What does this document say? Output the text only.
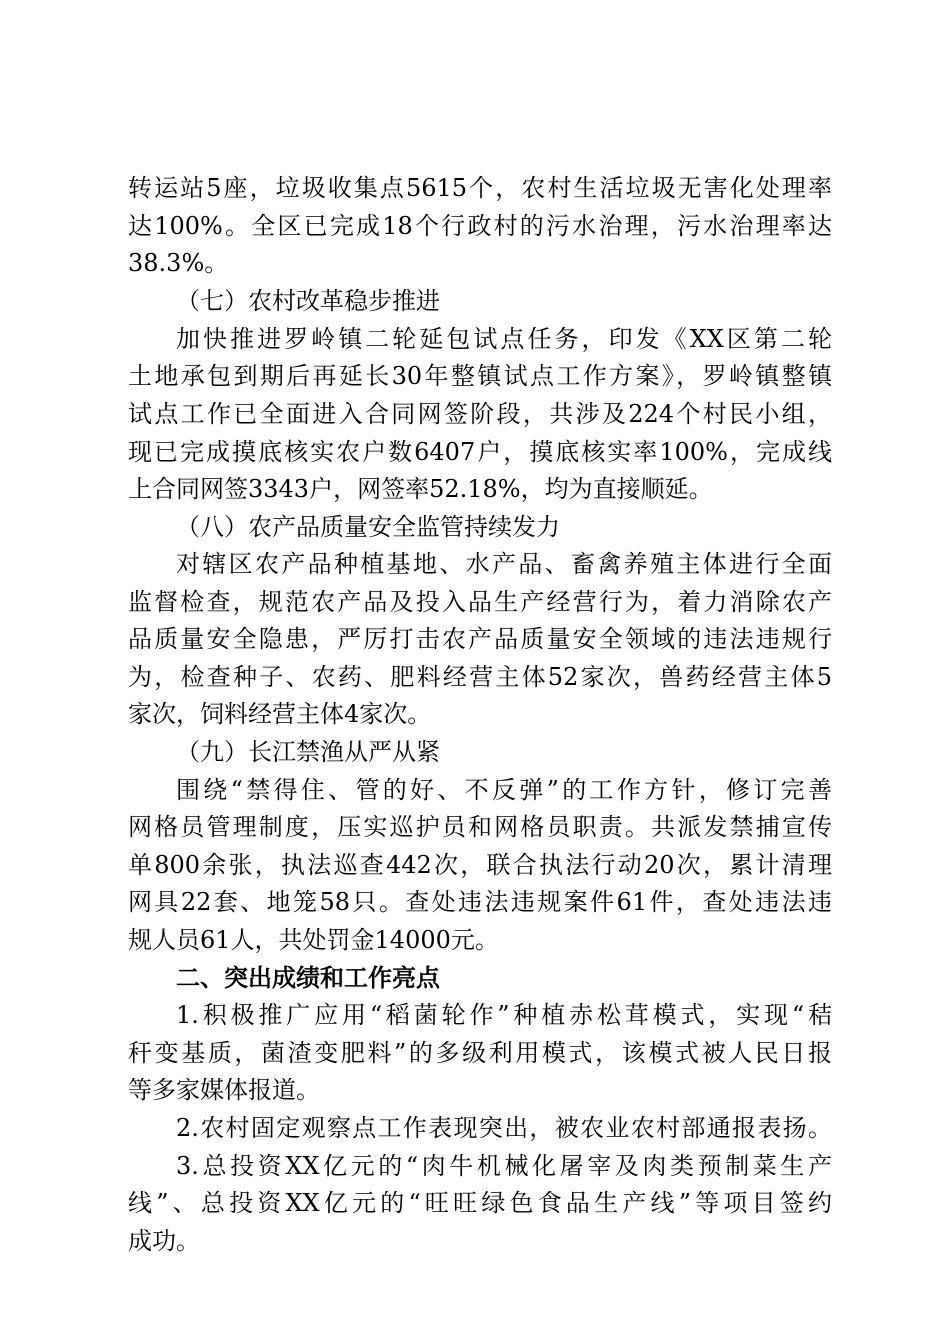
转运站5座，垃圾收集点5615个，农村生活垃圾无害化处理率
达100%。全区已完成18个行政村的污水治理，污水治理率达
38.3%。
（七）农村改革稳步推进
加快推进罗岭镇二轮延包试点任务，印发《XX区第二轮
土地承包到期后再延长30年整镇试点工作方案》，罗岭镇整镇
试点工作已全面进入合同网签阶段，共涉及224个村民小组，
现已完成摸底核实农户数6407户，摸底核实率100%，完成线
上合同网签3343户，网签率52.18%，均为直接顺延。
（八）农产品质量安全监管持续发力
对辖区农产品种植基地、水产品、畜禽养殖主体进行全面
监督检查，规范农产品及投入品生产经营行为，着力消除农产
品质量安全隐患，严厉打击农产品质量安全领域的违法违规行
为，检查种子、农药、肥料经营主体52家次，兽药经营主体5
家次，饲料经营主体4家次。
（九）长江禁渔从严从紧
围绕“禁得住、管的好、不反弹”的工作方针，修订完善
网格员管理制度，压实巡护员和网格员职责。共派发禁捕宣传
单800余张，执法巡查442次，联合执法行动20次，累计清理
网具22套、地笼58只。查处违法违规案件61件，查处违法违
规人员61人，共处罚金14000元。
二、突出成绩和工作亮点
1.积极推广应用“稻菌轮作”种植赤松茸模式，实现“秸
秆变基质，菌渣变肥料”的多级利用模式，该模式被人民日报
等多家媒体报道。
2.农村固定观察点工作表现突出，被农业农村部通报表扬。
3.总投资XX亿元的“肉牛机械化屠宰及肉类预制菜生产
线”、总投资XX亿元的“旺旺绿色食品生产线”等项目签约
成功。
